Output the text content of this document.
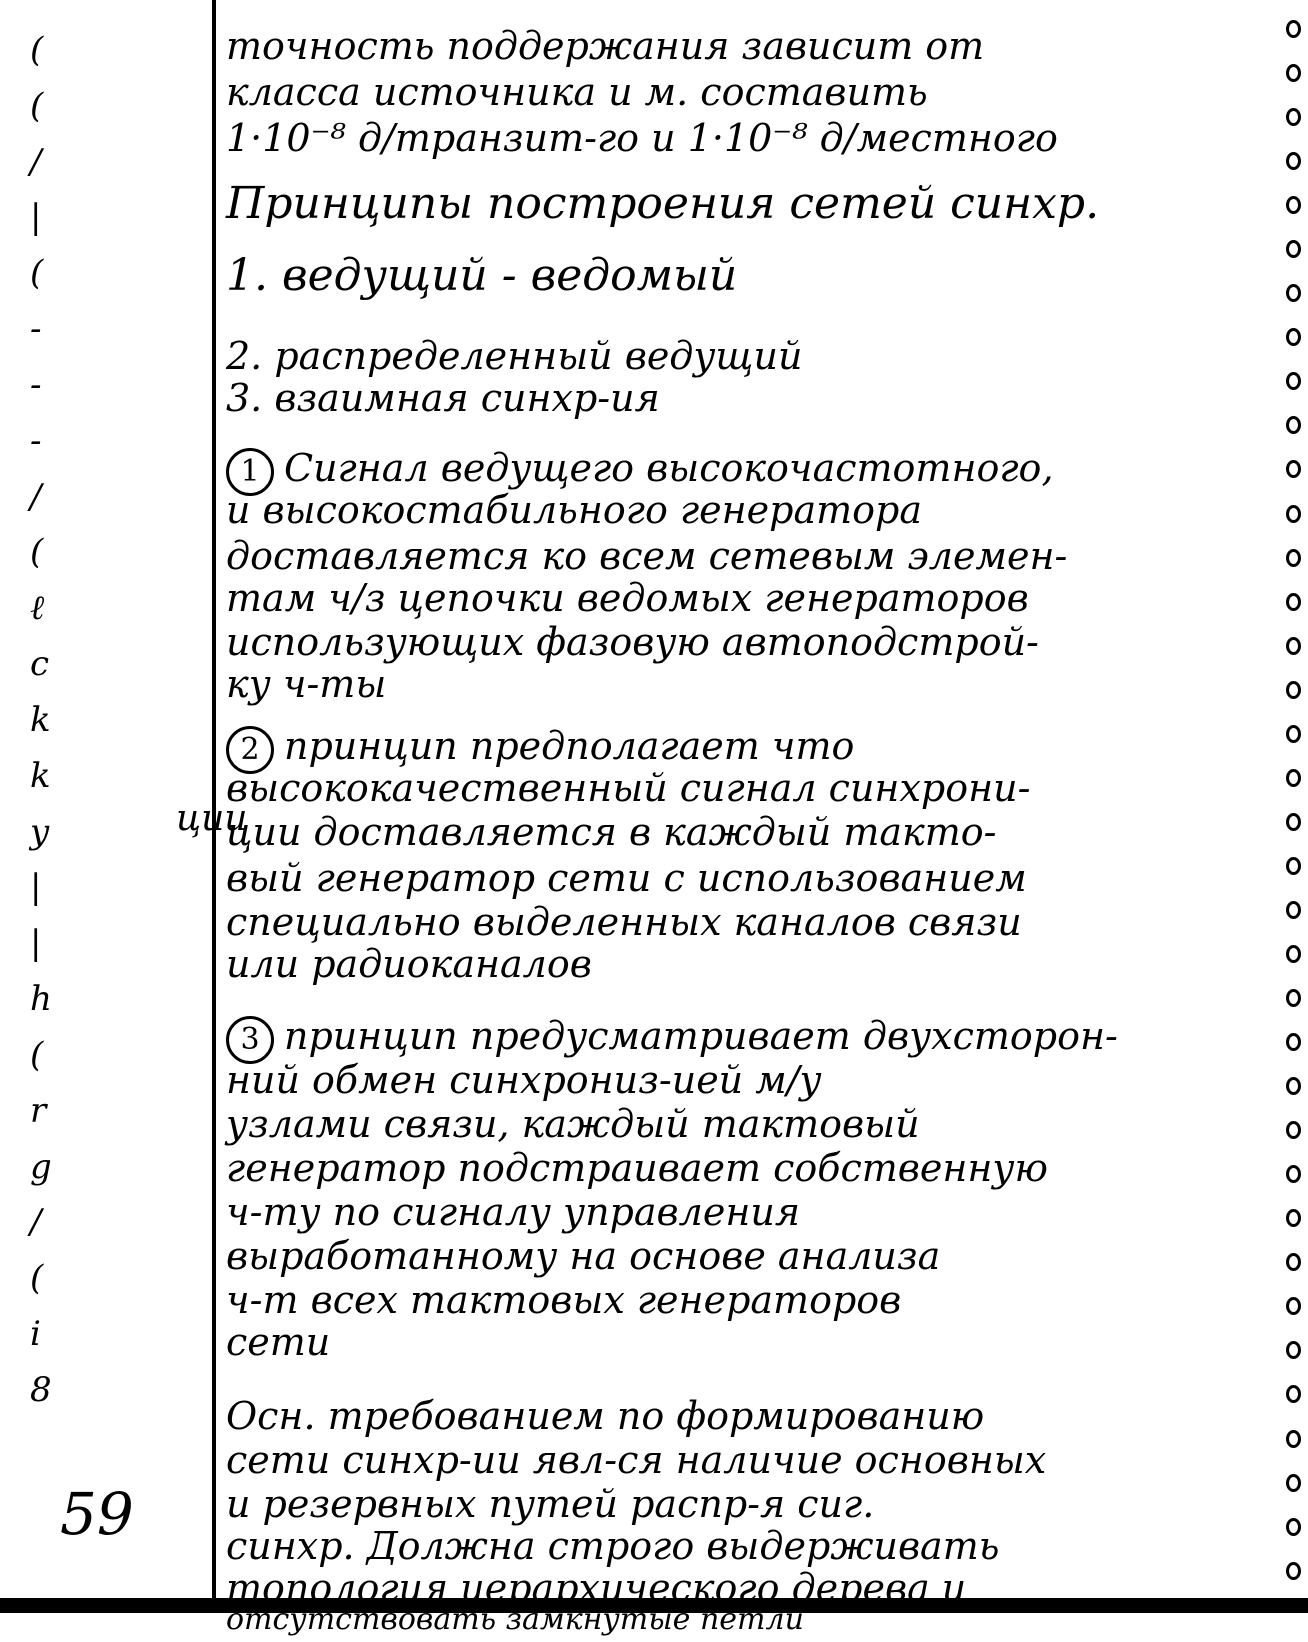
(
(
/
|
(
-
-
-
/
(
ℓ
c
k
k
y
|
|
h
(
r
g
/
(
i
8
ции
59
точность поддержания зависит от
класса источника и м. составить
1·10⁻⁸ д/транзит-го и 1·10⁻⁸ д/местного
Принципы построения сетей синхр.
1. ведущий - ведомый
2. распределенный ведущий
3. взаимная синхр-ия
1 Сигнал ведущего высокочастотного,
и высокостабильного генератора
доставляется ко всем сетевым элемен-
там ч/з цепочки ведомых генераторов
использующих фазовую автоподстрой-
ку ч-ты
2 принцип предполагает что
высококачественный сигнал синхрони-
ции доставляется в каждый такто-
вый генератор сети с использованием
специально выделенных каналов связи
или радиоканалов
3 принцип предусматривает двухсторон-
ний обмен синхрониз-ией м/у
узлами связи, каждый тактовый
генератор подстраивает собственную
ч-ту по сигналу управления
выработанному на основе анализа
ч-т всех тактовых генераторов
сети
Осн. требованием по формированию
сети синхр-ии явл-ся наличие основных
и резервных путей распр-я сиг.
синхр. Должна строго выдерживать
топология иерархического дерева и
отсутствовать замкнутые петли
